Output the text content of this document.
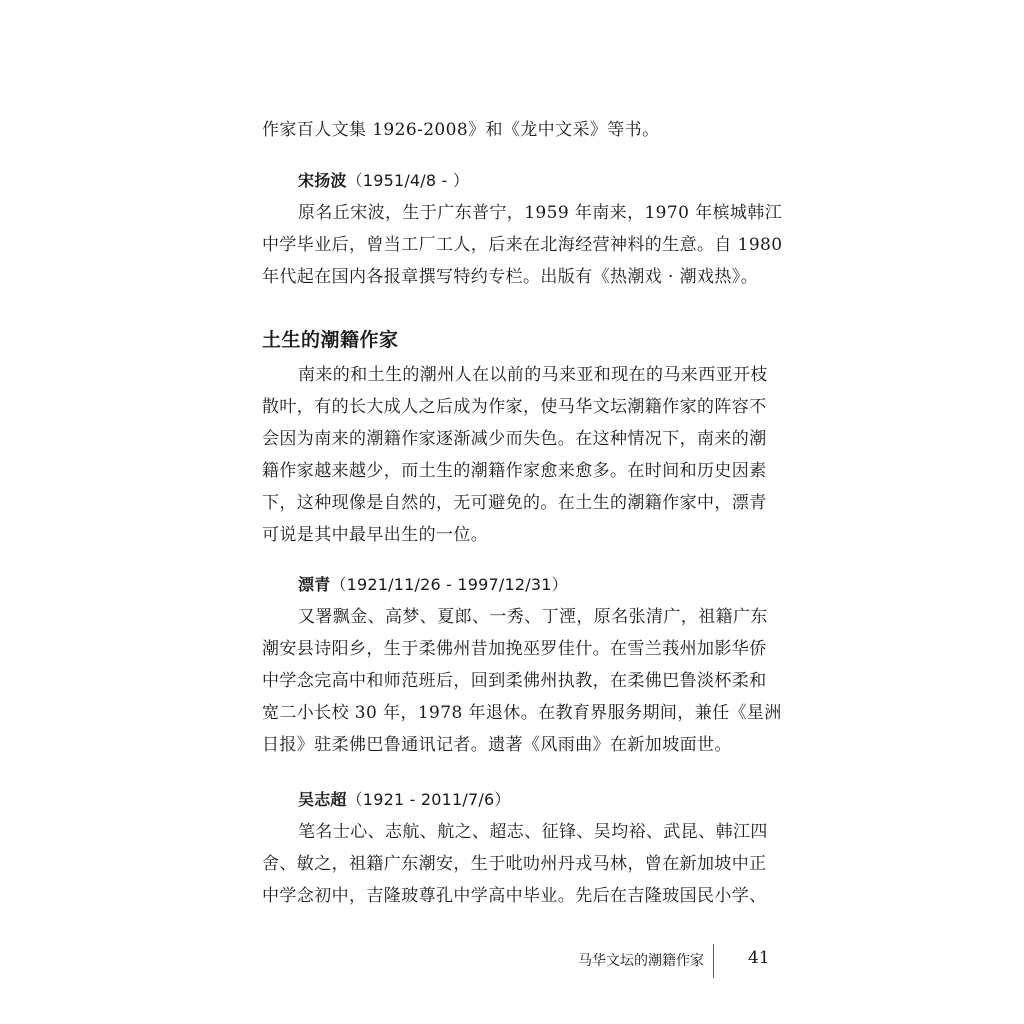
作家百人文集 1926-2008》和《龙中文采》等书。
宋扬波（1951/4/8 - ）
原名丘宋波，生于广东普宁，1959 年南来，1970 年槟城韩江
中学毕业后，曾当工厂工人，后来在北海经营神料的生意。自 1980
年代起在国内各报章撰写特约专栏。出版有《热潮戏 · 潮戏热》。
土生的潮籍作家
南来的和土生的潮州人在以前的马来亚和现在的马来西亚开枝
散叶，有的长大成人之后成为作家，使马华文坛潮籍作家的阵容不
会因为南来的潮籍作家逐渐减少而失色。在这种情况下，南来的潮
籍作家越来越少，而土生的潮籍作家愈来愈多。在时间和历史因素
下，这种现像是自然的，无可避免的。在土生的潮籍作家中，漂青
可说是其中最早出生的一位。
漂青（1921/11/26 - 1997/12/31）
又署飘金、高梦、夏郎、一秀、丁湮，原名张清广，祖籍广东
潮安县诗阳乡，生于柔佛州昔加挽巫罗佳什。在雪兰莪州加影华侨
中学念完高中和师范班后，回到柔佛州执教，在柔佛巴鲁淡杯柔和
宽二小长校 30 年，1978 年退休。在教育界服务期间，兼任《星洲
日报》驻柔佛巴鲁通讯记者。遗著《风雨曲》在新加坡面世。
吴志超（1921 - 2011/7/6）
笔名士心、志航、航之、超志、征锋、吴均裕、武昆、韩江四
舍、敏之，祖籍广东潮安，生于吡叻州丹戎马林，曾在新加坡中正
中学念初中，吉隆玻尊孔中学高中毕业。先后在吉隆玻国民小学、
马华文坛的潮籍作家	41
